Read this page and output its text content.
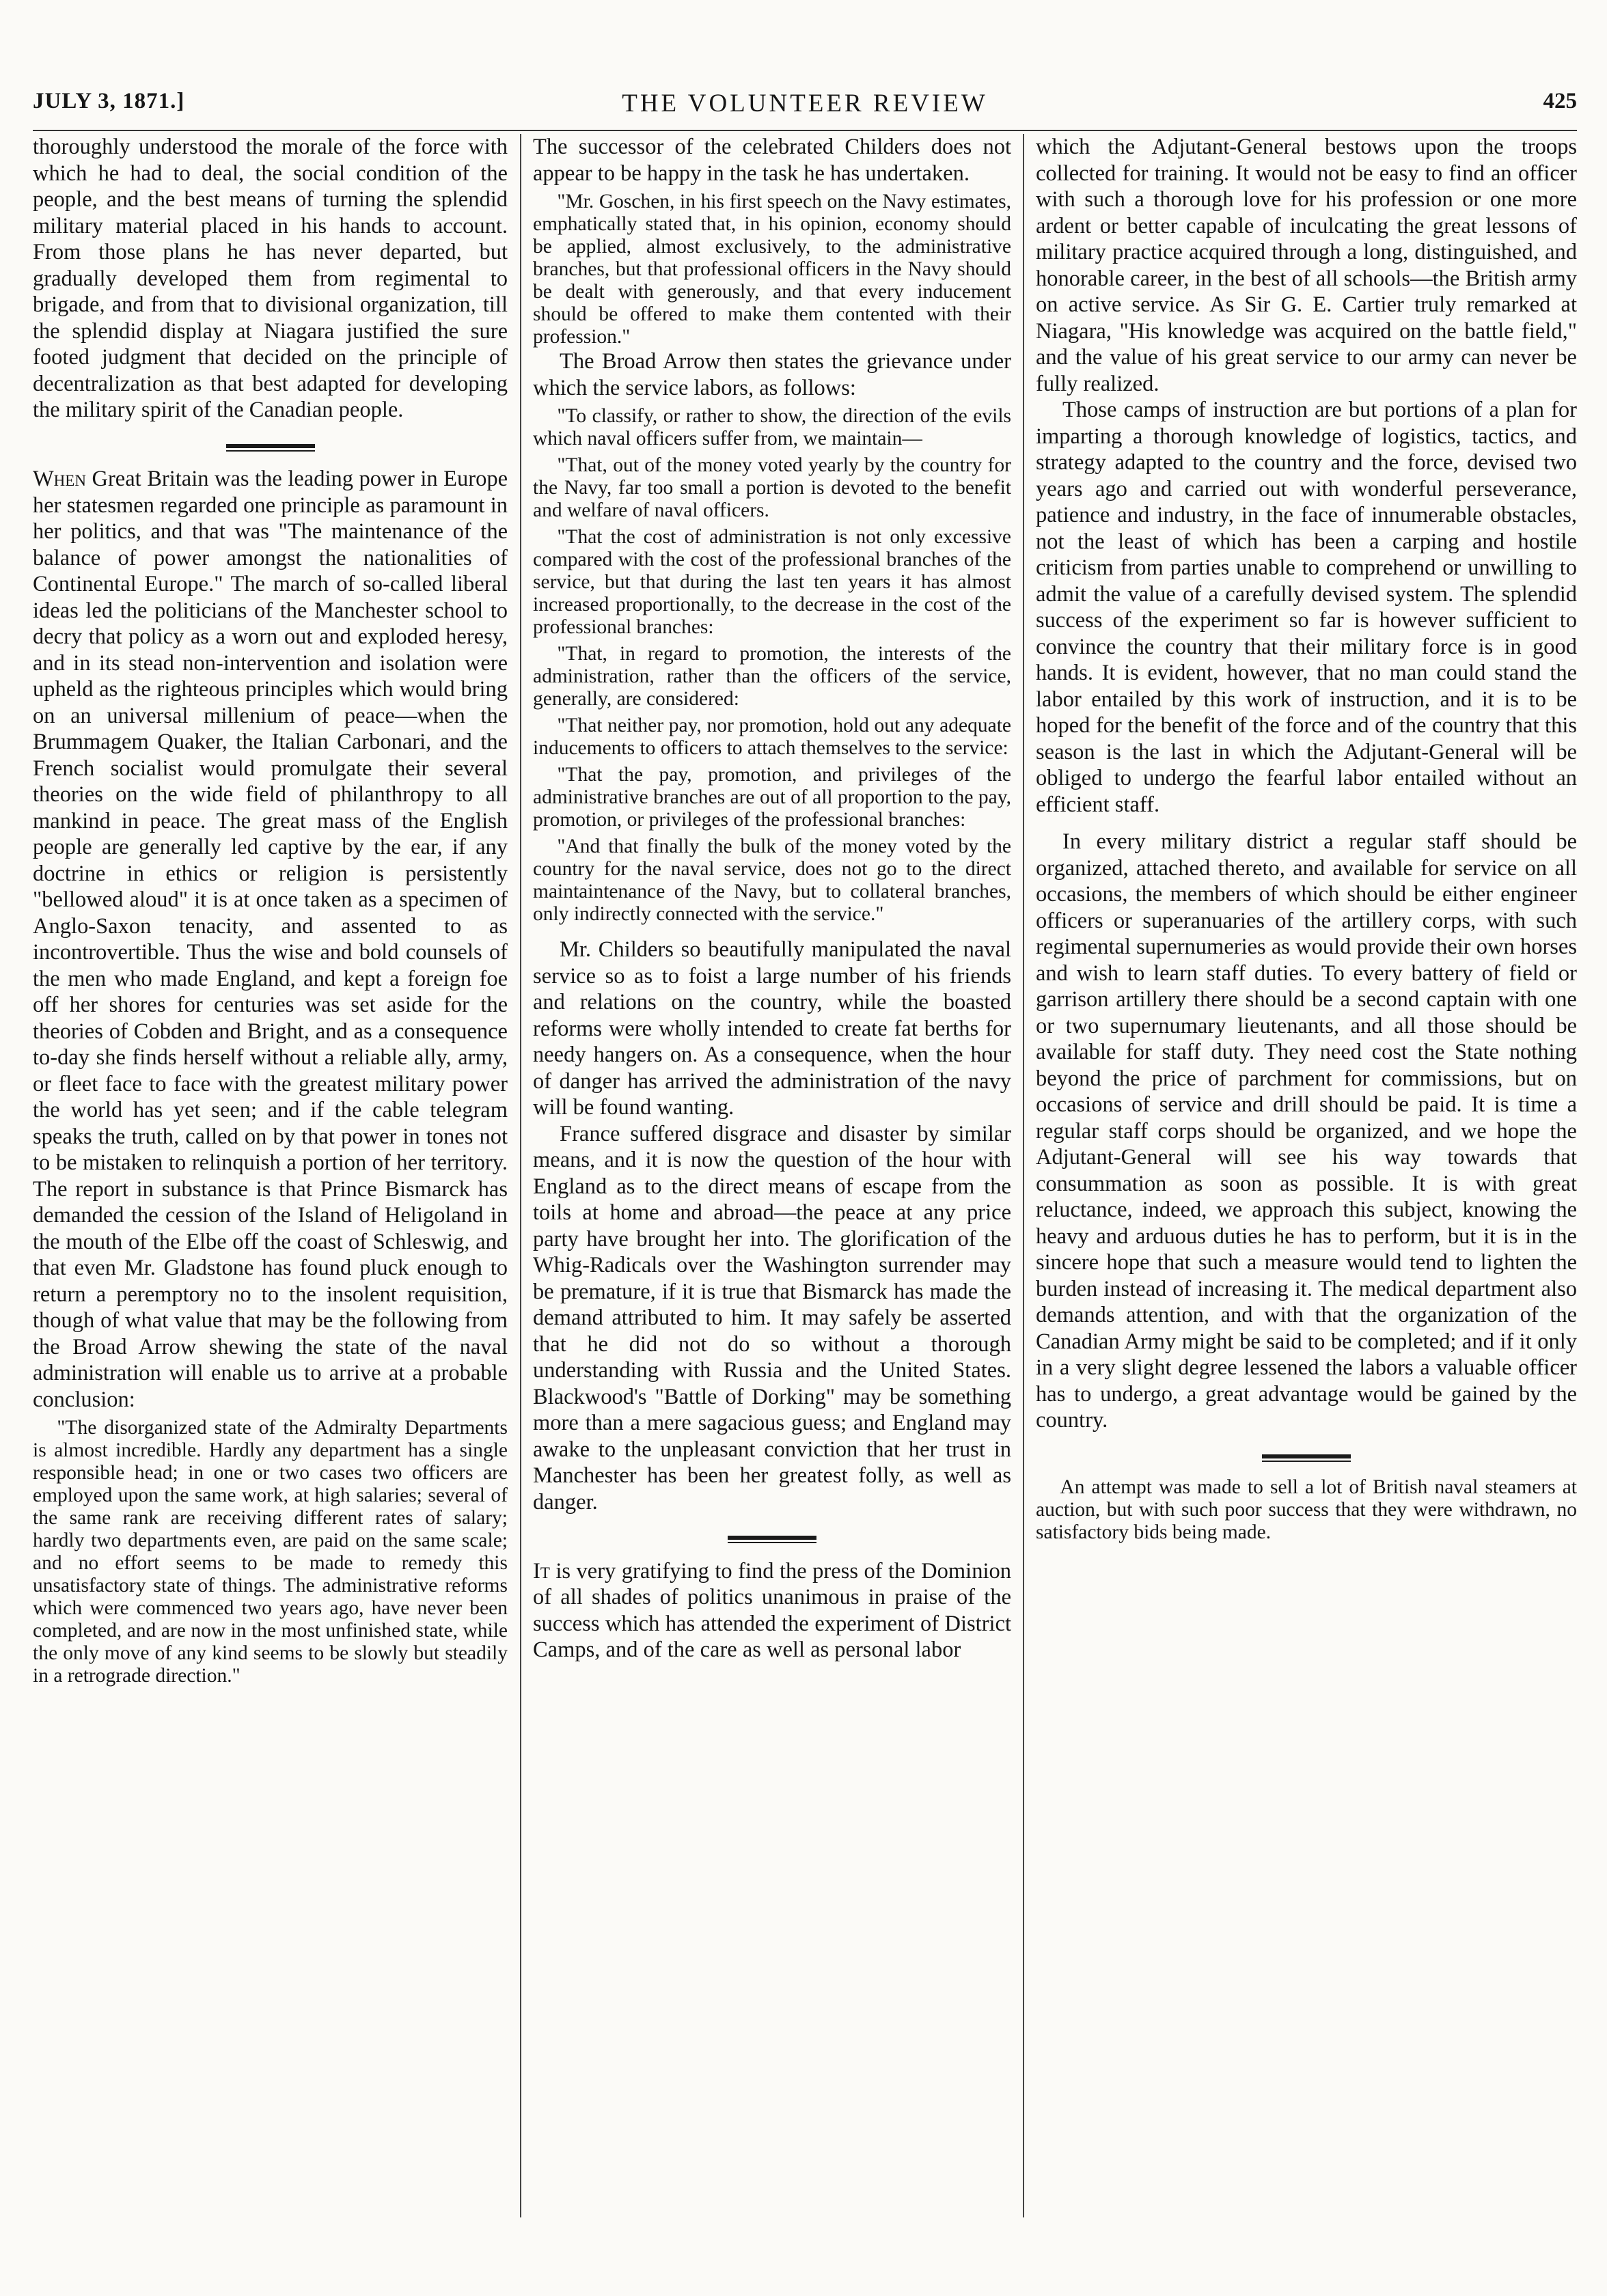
JULY 3, 1871.]	THE VOLUNTEER REVIEW	425

thoroughly understood the morale of the force with which he had to deal, the social condition of the people, and the best means of turning the splendid military material placed in his hands to account. From those plans he has never departed, but gradually developed them from regimental to brigade, and from that to divisional organization, till the splendid display at Niagara justified the sure footed judgment that decided on the principle of decentralization as that best adapted for developing the military spirit of the Canadian people.

When Great Britain was the leading power in Europe her statesmen regarded one principle as paramount in her politics, and that was "The maintenance of the balance of power amongst the nationalities of Continental Europe." The march of so-called liberal ideas led the politicians of the Manchester school to decry that policy as a worn out and exploded heresy, and in its stead non-intervention and isolation were upheld as the righteous principles which would bring on an universal millenium of peace—when the Brummagem Quaker, the Italian Carbonari, and the French socialist would promulgate their several theories on the wide field of philanthropy to all mankind in peace. The great mass of the English people are generally led captive by the ear, if any doctrine in ethics or religion is persistently "bellowed aloud" it is at once taken as a specimen of Anglo-Saxon tenacity, and assented to as incontrovertible. Thus the wise and bold counsels of the men who made England, and kept a foreign foe off her shores for centuries was set aside for the theories of Cobden and Bright, and as a consequence to-day she finds herself without a reliable ally, army, or fleet face to face with the greatest military power the world has yet seen; and if the cable telegram speaks the truth, called on by that power in tones not to be mistaken to relinquish a portion of her territory. The report in substance is that Prince Bismarck has demanded the cession of the Island of Heligoland in the mouth of the Elbe off the coast of Schleswig, and that even Mr. Gladstone has found pluck enough to return a peremptory no to the insolent requisition, though of what value that may be the following from the Broad Arrow shewing the state of the naval administration will enable us to arrive at a probable conclusion:

"The disorganized state of the Admiralty Departments is almost incredible. Hardly any department has a single responsible head; in one or two cases two officers are employed upon the same work, at high salaries; several of the same rank are receiving different rates of salary; hardly two departments even, are paid on the same scale; and no effort seems to be made to remedy this unsatisfactory state of things. The administrative reforms which were commenced two years ago, have never been completed, and are now in the most unfinished state, while the only move of any kind seems to be slowly but steadily in a retrograde direction."

The successor of the celebrated Childers does not appear to be happy in the task he has undertaken.

"Mr. Goschen, in his first speech on the Navy estimates, emphatically stated that, in his opinion, economy should be applied, almost exclusively, to the administrative branches, but that professional officers in the Navy should be dealt with generously, and that every inducement should be offered to make them contented with their profession."

The Broad Arrow then states the grievance under which the service labors, as follows:

"To classify, or rather to show, the direction of the evils which naval officers suffer from, we maintain—

"That, out of the money voted yearly by the country for the Navy, far too small a portion is devoted to the benefit and welfare of naval officers.

"That the cost of administration is not only excessive compared with the cost of the professional branches of the service, but that during the last ten years it has almost increased proportionally, to the decrease in the cost of the professional branches:

"That, in regard to promotion, the interests of the administration, rather than the officers of the service, generally, are considered:

"That neither pay, nor promotion, hold out any adequate inducements to officers to attach themselves to the service:

"That the pay, promotion, and privileges of the administrative branches are out of all proportion to the pay, promotion, or privileges of the professional branches:

"And that finally the bulk of the money voted by the country for the naval service, does not go to the direct maintaintenance of the Navy, but to collateral branches, only indirectly connected with the service."

Mr. Childers so beautifully manipulated the naval service so as to foist a large number of his friends and relations on the country, while the boasted reforms were wholly intended to create fat berths for needy hangers on. As a consequence, when the hour of danger has arrived the administration of the navy will be found wanting.

France suffered disgrace and disaster by similar means, and it is now the question of the hour with England as to the direct means of escape from the toils at home and abroad—the peace at any price party have brought her into. The glorification of the Whig-Radicals over the Washington surrender may be premature, if it is true that Bismarck has made the demand attributed to him. It may safely be asserted that he did not do so without a thorough understanding with Russia and the United States. Blackwood's "Battle of Dorking" may be something more than a mere sagacious guess; and England may awake to the unpleasant conviction that her trust in Manchester has been her greatest folly, as well as danger.

It is very gratifying to find the press of the Dominion of all shades of politics unanimous in praise of the success which has attended the experiment of District Camps, and of the care as well as personal labor

which the Adjutant-General bestows upon the troops collected for training. It would not be easy to find an officer with such a thorough love for his profession or one more ardent or better capable of inculcating the great lessons of military practice acquired through a long, distinguished, and honorable career, in the best of all schools—the British army on active service. As Sir G. E. Cartier truly remarked at Niagara, "His knowledge was acquired on the battle field," and the value of his great service to our army can never be fully realized.

Those camps of instruction are but portions of a plan for imparting a thorough knowledge of logistics, tactics, and strategy adapted to the country and the force, devised two years ago and carried out with wonderful perseverance, patience and industry, in the face of innumerable obstacles, not the least of which has been a carping and hostile criticism from parties unable to comprehend or unwilling to admit the value of a carefully devised system. The splendid success of the experiment so far is however sufficient to convince the country that their military force is in good hands. It is evident, however, that no man could stand the labor entailed by this work of instruction, and it is to be hoped for the benefit of the force and of the country that this season is the last in which the Adjutant-General will be obliged to undergo the fearful labor entailed without an efficient staff.

In every military district a regular staff should be organized, attached thereto, and available for service on all occasions, the members of which should be either engineer officers or superanuaries of the artillery corps, with such regimental supernumeries as would provide their own horses and wish to learn staff duties. To every battery of field or garrison artillery there should be a second captain with one or two supernumary lieutenants, and all those should be available for staff duty. They need cost the State nothing beyond the price of parchment for commissions, but on occasions of service and drill should be paid. It is time a regular staff corps should be organized, and we hope the Adjutant-General will see his way towards that consummation as soon as possible. It is with great reluctance, indeed, we approach this subject, knowing the heavy and arduous duties he has to perform, but it is in the sincere hope that such a measure would tend to lighten the burden instead of increasing it. The medical department also demands attention, and with that the organization of the Canadian Army might be said to be completed; and if it only in a very slight degree lessened the labors a valuable officer has to undergo, a great advantage would be gained by the country.

An attempt was made to sell a lot of British naval steamers at auction, but with such poor success that they were withdrawn, no satisfactory bids being made.
